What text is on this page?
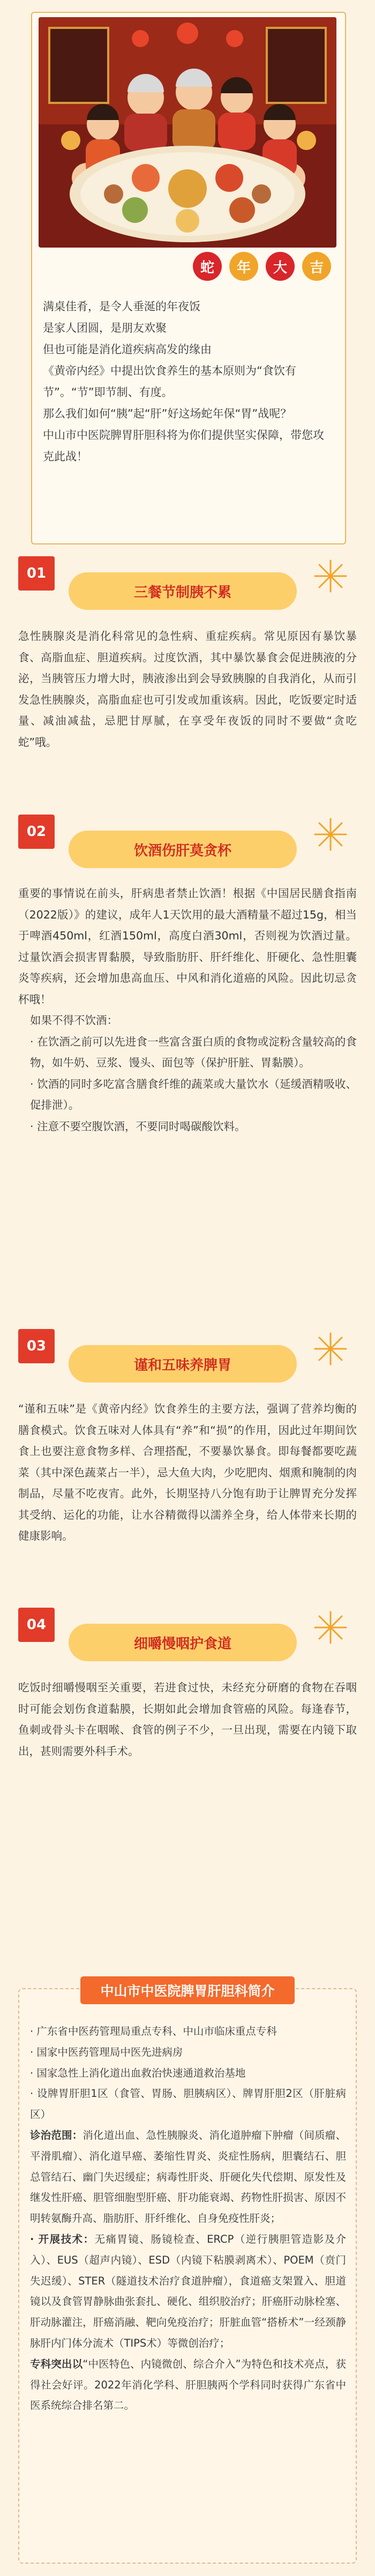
蛇	年	大	吉

满桌佳肴，是令人垂涎的年夜饭

是家人团圆，是朋友欢聚

但也可能是消化道疾病高发的缘由

《黄帝内经》中提出饮食养生的基本原则为“食饮有节”。“节”即节制、有度。

那么我们如何“胰”起“肝”好这场蛇年保“胃”战呢？

中山市中医院脾胃肝胆科将为你们提供坚实保障，带您攻克此战！

01
三餐节制胰不累

急性胰腺炎是消化科常见的急性病、重症疾病。常见原因有暴饮暴食、高脂血症、胆道疾病。过度饮酒，其中暴饮暴食会促进胰液的分泌，当胰管压力增大时，胰液渗出到会导致胰腺的自我消化，从而引发急性胰腺炎，高脂血症也可引发或加重该病。因此，吃饭要定时适量、减油减盐，忌肥甘厚腻，在享受年夜饭的同时不要做“贪吃蛇”哦。

02
饮酒伤肝莫贪杯

重要的事情说在前头，肝病患者禁止饮酒！根据《中国居民膳食指南（2022版）》的建议，成年人1天饮用的最大酒精量不超过15g，相当于啤酒450ml，红酒150ml，高度白酒30ml，否则视为饮酒过量。过量饮酒会损害胃黏膜，导致脂肪肝、肝纤维化、肝硬化、急性胆囊炎等疾病，还会增加患高血压、中风和消化道癌的风险。因此切忌贪杯哦！

如果不得不饮酒：

· 在饮酒之前可以先进食一些富含蛋白质的食物或淀粉含量较高的食物，如牛奶、豆浆、馒头、面包等（保护肝脏、胃黏膜）。

· 饮酒的同时多吃富含膳食纤维的蔬菜或大量饮水（延缓酒精吸收、促排泄）。

· 注意不要空腹饮酒，不要同时喝碳酸饮料。

03
谨和五味养脾胃

“谨和五味”是《黄帝内经》饮食养生的主要方法，强调了营养均衡的膳食模式。饮食五味对人体具有“养”和“损”的作用，因此过年期间饮食上也要注意食物多样、合理搭配，不要暴饮暴食。即每餐都要吃蔬菜（其中深色蔬菜占一半），忌大鱼大肉，少吃肥肉、烟熏和腌制的肉制品，尽量不吃夜宵。此外，长期坚持八分饱有助于让脾胃充分发挥其受纳、运化的功能，让水谷精微得以濡养全身，给人体带来长期的健康影响。

04
细嚼慢咽护食道

吃饭时细嚼慢咽至关重要，若进食过快，未经充分研磨的食物在吞咽时可能会划伤食道黏膜，长期如此会增加食管癌的风险。每逢春节，鱼刺或骨头卡在咽喉、食管的例子不少，一旦出现，需要在内镜下取出，甚则需要外科手术。

中山市中医院脾胃肝胆科简介

· 广东省中医药管理局重点专科、中山市临床重点专科

· 国家中医药管理局中医先进病房

· 国家急性上消化道出血救治快速通道救治基地

· 设牌胃肝胆1区（食管、胃肠、胆胰病区）、牌胃肝胆2区（肝脏病区）

诊治范围：消化道出血、急性胰腺炎、消化道肿瘤下肿瘤（间质瘤、平滑肌瘤）、消化道早癌、萎缩性胃炎、炎症性肠病，胆囊结石、胆总管结石、幽门失迟缓症；病毒性肝炎、肝硬化失代偿期、原发性及继发性肝癌、胆管细胞型肝癌、肝功能衰竭、药物性肝损害、原因不明转氨酶升高、脂肪肝、肝纤维化、自身免疫性肝炎；

· 开展技术：无痛胃镜、肠镜检查、ERCP（逆行胰胆管造影及介入）、EUS（超声内镜）、ESD（内镜下粘膜剥离术）、POEM（贲门失迟缓）、STER（隧道技术治疗食道肿瘤），食道癌支架置入、胆道镜以及食管胃静脉曲张套扎、硬化、组织胶治疗；肝癌肝动脉栓塞、肝动脉灌注，肝癌消融、靶向免疫治疗；肝脏血管“搭桥术”一经颈静脉肝内门体分流术（TIPS术）等微创治疗；

专科突出以“中医特色、内镜微创、综合介入”为特色和技术亮点，获得社会好评。2022年消化学科、肝胆胰两个学科同时获得广东省中医系统综合排名第二。
